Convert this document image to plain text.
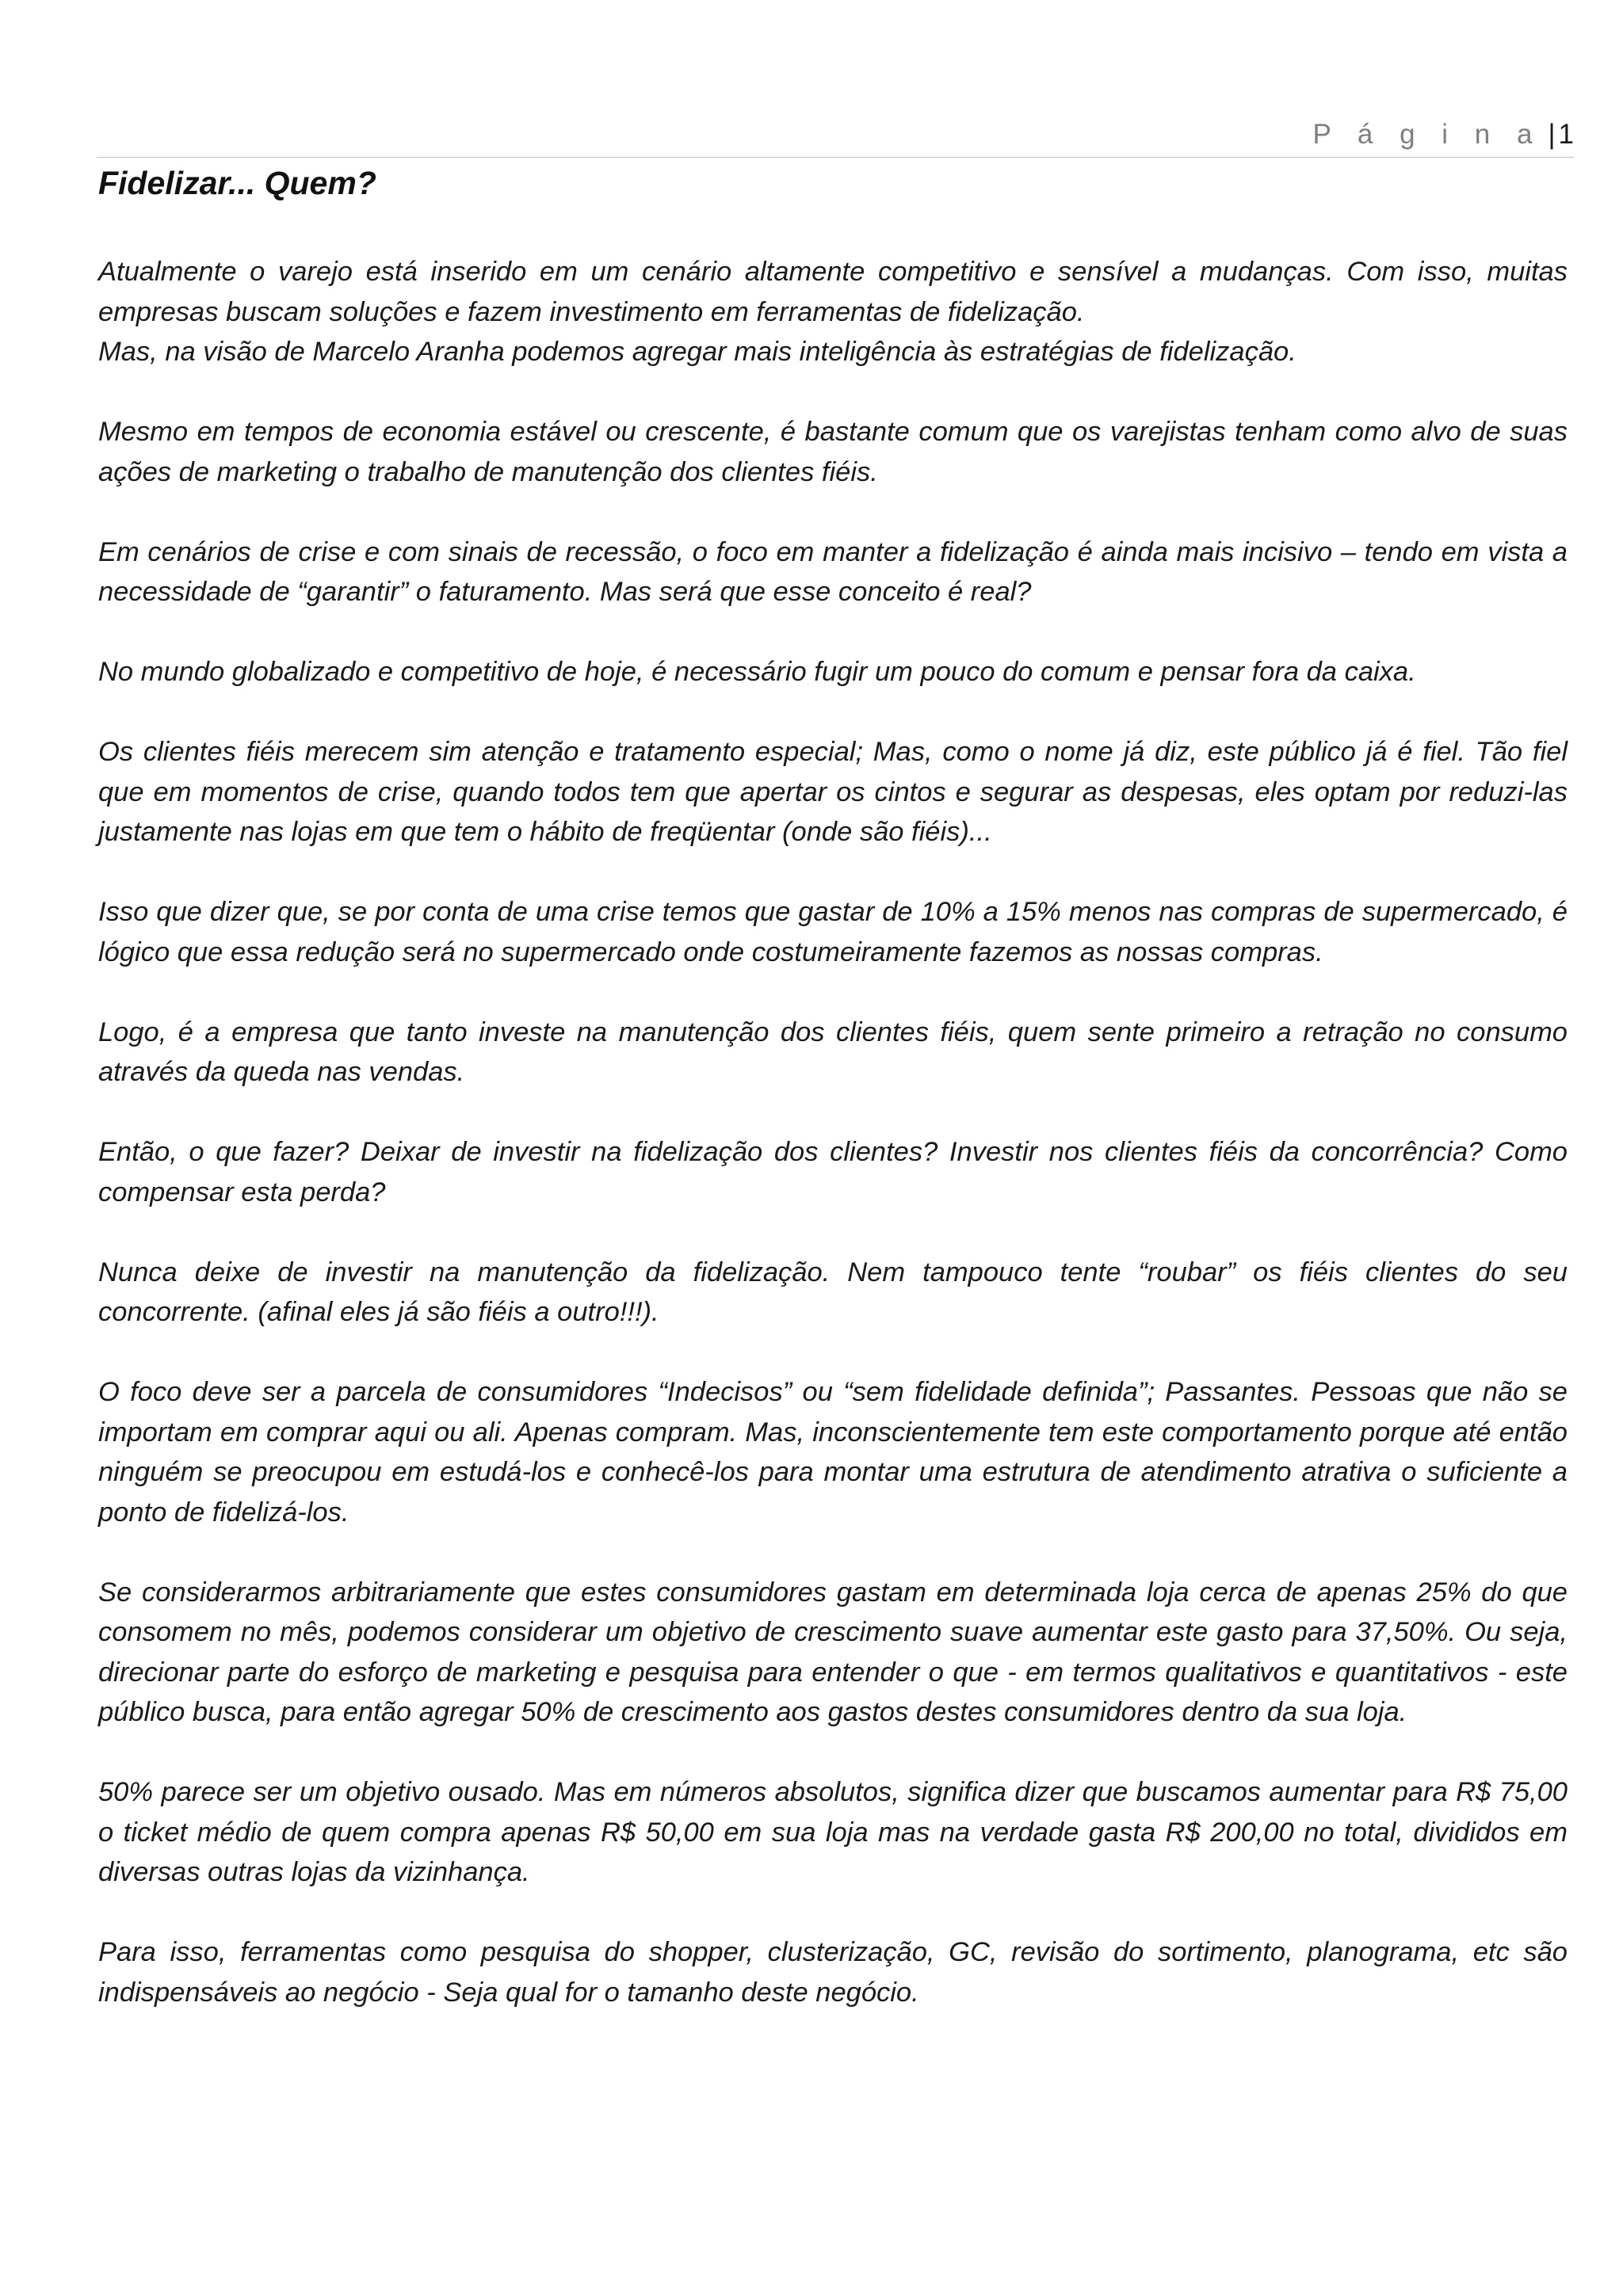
P á g i n a | 1
Fidelizar... Quem?

Atualmente o varejo está inserido em um cenário altamente competitivo e sensível a mudanças. Com isso, muitas empresas buscam soluções e fazem investimento em ferramentas de fidelização.
Mas, na visão de Marcelo Aranha podemos agregar mais inteligência às estratégias de fidelização.

Mesmo em tempos de economia estável ou crescente, é bastante comum que os varejistas tenham como alvo de suas ações de marketing o trabalho de manutenção dos clientes fiéis.

Em cenários de crise e com sinais de recessão, o foco em manter a fidelização é ainda mais incisivo – tendo em vista a necessidade de “garantir” o faturamento. Mas será que esse conceito é real?

No mundo globalizado e competitivo de hoje, é necessário fugir um pouco do comum e pensar fora da caixa.

Os clientes fiéis merecem sim atenção e tratamento especial; Mas, como o nome já diz, este público já é fiel. Tão fiel que em momentos de crise, quando todos tem que apertar os cintos e segurar as despesas, eles optam por reduzi-las justamente nas lojas em que tem o hábito de freqüentar (onde são fiéis)...

Isso que dizer que, se por conta de uma crise temos que gastar de 10% a 15% menos nas compras de supermercado, é lógico que essa redução será no supermercado onde costumeiramente fazemos as nossas compras.

Logo, é a empresa que tanto investe na manutenção dos clientes fiéis, quem sente primeiro a retração no consumo através da queda nas vendas.

Então, o que fazer? Deixar de investir na fidelização dos clientes? Investir nos clientes fiéis da concorrência? Como compensar esta perda?

Nunca deixe de investir na manutenção da fidelização. Nem tampouco tente “roubar” os fiéis clientes do seu concorrente. (afinal eles já são fiéis a outro!!!).

O foco deve ser a parcela de consumidores “Indecisos” ou “sem fidelidade definida”; Passantes. Pessoas que não se importam em comprar aqui ou ali. Apenas compram. Mas, inconscientemente tem este comportamento porque até então ninguém se preocupou em estudá-los e conhecê-los para montar uma estrutura de atendimento atrativa o suficiente a ponto de fidelizá-los.

Se considerarmos arbitrariamente que estes consumidores gastam em determinada loja cerca de apenas 25% do que consomem no mês, podemos considerar um objetivo de crescimento suave aumentar este gasto para 37,50%. Ou seja, direcionar parte do esforço de marketing e pesquisa para entender o que - em termos qualitativos e quantitativos - este público busca, para então agregar 50% de crescimento aos gastos destes consumidores dentro da sua loja.

50% parece ser um objetivo ousado. Mas em números absolutos, significa dizer que buscamos aumentar para R$ 75,00 o ticket médio de quem compra apenas R$ 50,00 em sua loja mas na verdade gasta R$ 200,00 no total, divididos em diversas outras lojas da vizinhança.

Para isso, ferramentas como pesquisa do shopper, clusterização, GC, revisão do sortimento, planograma, etc são indispensáveis ao negócio - Seja qual for o tamanho deste negócio.
